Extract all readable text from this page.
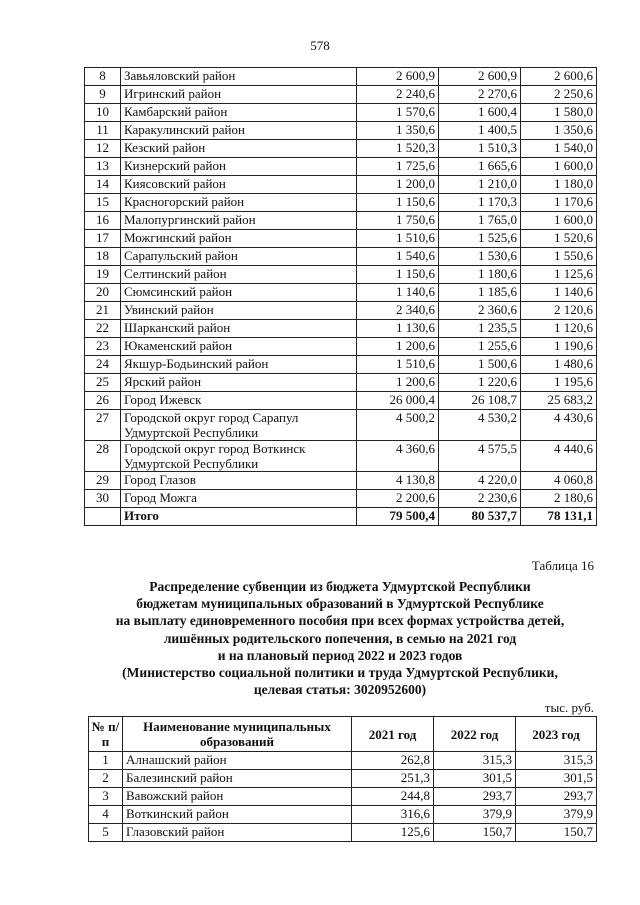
578
8	Завьяловский район	2 600,9	2 600,9	2 600,6
9	Игринский район	2 240,6	2 270,6	2 250,6
10	Камбарский район	1 570,6	1 600,4	1 580,0
11	Каракулинский район	1 350,6	1 400,5	1 350,6
12	Кезский район	1 520,3	1 510,3	1 540,0
13	Кизнерский район	1 725,6	1 665,6	1 600,0
14	Киясовский район	1 200,0	1 210,0	1 180,0
15	Красногорский район	1 150,6	1 170,3	1 170,6
16	Малопургинский район	1 750,6	1 765,0	1 600,0
17	Можгинский район	1 510,6	1 525,6	1 520,6
18	Сарапульский район	1 540,6	1 530,6	1 550,6
19	Селтинский район	1 150,6	1 180,6	1 125,6
20	Сюмсинский район	1 140,6	1 185,6	1 140,6
21	Увинский район	2 340,6	2 360,6	2 120,6
22	Шарканский район	1 130,6	1 235,5	1 120,6
23	Юкаменский район	1 200,6	1 255,6	1 190,6
24	Якшур-Бодьинский район	1 510,6	1 500,6	1 480,6
25	Ярский район	1 200,6	1 220,6	1 195,6
26	Город Ижевск	26 000,4	26 108,7	25 683,2
27	Городской округ город Сарапул Удмуртской Республики	4 500,2	4 530,2	4 430,6
28	Городской округ город Воткинск Удмуртской Республики	4 360,6	4 575,5	4 440,6
29	Город Глазов	4 130,8	4 220,0	4 060,8
30	Город Можга	2 200,6	2 230,6	2 180,6
	Итого	79 500,4	80 537,7	78 131,1
Таблица 16
Распределение субвенции из бюджета Удмуртской Республики
бюджетам муниципальных образований в Удмуртской Республике
на выплату единовременного пособия при всех формах устройства детей,
лишённых родительского попечения, в семью на 2021 год
и на плановый период 2022 и 2023 годов
(Министерство социальной политики и труда Удмуртской Республики,
целевая статья: 3020952600)
тыс. руб.
№ п/п	Наименование муниципальных образований	2021 год	2022 год	2023 год
1	Алнашский район	262,8	315,3	315,3
2	Балезинский район	251,3	301,5	301,5
3	Вавожский район	244,8	293,7	293,7
4	Воткинский район	316,6	379,9	379,9
5	Глазовский район	125,6	150,7	150,7
